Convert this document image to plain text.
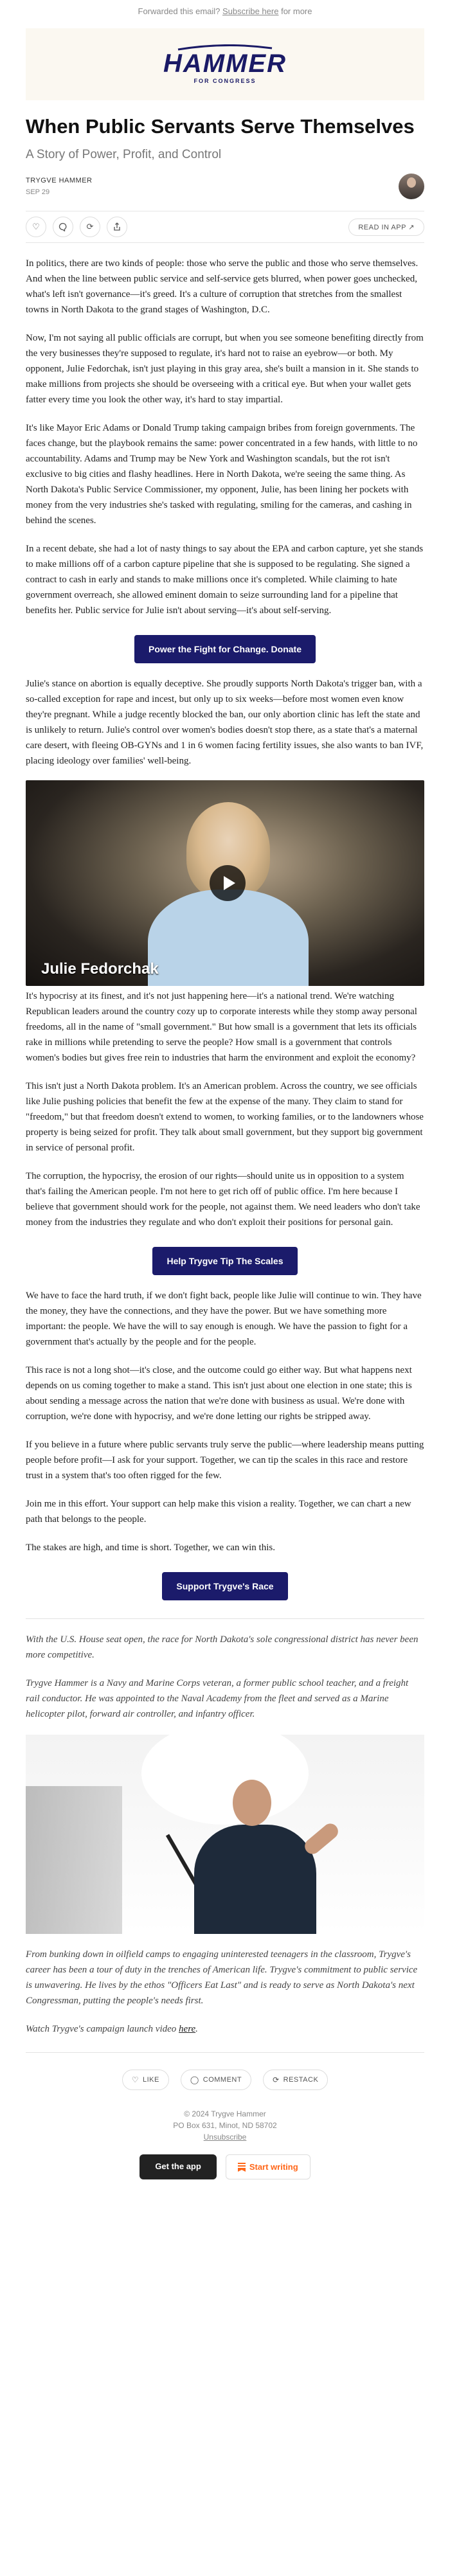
Forwarded this email? Subscribe here for more
HAMMER
FOR CONGRESS
When Public Servants Serve Themselves
A Story of Power, Profit, and Control
TRYGVE HAMMER
SEP 29
♡	⟳	READ IN APP ↗

In politics, there are two kinds of people: those who serve the public and those who serve themselves. And when the line between public service and self-service gets blurred, when power goes unchecked, what's left isn't governance—it's greed. It's a culture of corruption that stretches from the smallest towns in North Dakota to the grand stages of Washington, D.C.

Now, I'm not saying all public officials are corrupt, but when you see someone benefiting directly from the very businesses they're supposed to regulate, it's hard not to raise an eyebrow—or both. My opponent, Julie Fedorchak, isn't just playing in this gray area, she's built a mansion in it. She stands to make millions from projects she should be overseeing with a critical eye. But when your wallet gets fatter every time you look the other way, it's hard to stay impartial.

It's like Mayor Eric Adams or Donald Trump taking campaign bribes from foreign governments. The faces change, but the playbook remains the same: power concentrated in a few hands, with little to no accountability. Adams and Trump may be New York and Washington scandals, but the rot isn't exclusive to big cities and flashy headlines. Here in North Dakota, we're seeing the same thing. As North Dakota's Public Service Commissioner, my opponent, Julie, has been lining her pockets with money from the very industries she's tasked with regulating, smiling for the cameras, and cashing in behind the scenes.

In a recent debate, she had a lot of nasty things to say about the EPA and carbon capture, yet she stands to make millions off of a carbon capture pipeline that she is supposed to be regulating. She signed a contract to cash in early and stands to make millions once it's completed. While claiming to hate government overreach, she allowed eminent domain to seize surrounding land for a pipeline that benefits her. Public service for Julie isn't about serving—it's about self-serving.

Power the Fight for Change. Donate

Julie's stance on abortion is equally deceptive. She proudly supports North Dakota's trigger ban, with a so-called exception for rape and incest, but only up to six weeks—before most women even know they're pregnant. While a judge recently blocked the ban, our only abortion clinic has left the state and is unlikely to return. Julie's control over women's bodies doesn't stop there, as a state that's a maternal care desert, with fleeing OB-GYNs and 1 in 6 women facing fertility issues, she also wants to ban IVF, placing ideology over families' well-being.

Julie Fedorchak

It's hypocrisy at its finest, and it's not just happening here—it's a national trend. We're watching Republican leaders around the country cozy up to corporate interests while they stomp away personal freedoms, all in the name of "small government." But how small is a government that lets its officials rake in millions while pretending to serve the people? How small is a government that controls women's bodies but gives free rein to industries that harm the environment and exploit the economy?

This isn't just a North Dakota problem. It's an American problem. Across the country, we see officials like Julie pushing policies that benefit the few at the expense of the many. They claim to stand for "freedom," but that freedom doesn't extend to women, to working families, or to the landowners whose property is being seized for profit. They talk about small government, but they support big government in service of personal profit.

The corruption, the hypocrisy, the erosion of our rights—should unite us in opposition to a system that's failing the American people. I'm not here to get rich off of public office. I'm here because I believe that government should work for the people, not against them. We need leaders who don't take money from the industries they regulate and who don't exploit their positions for personal gain.

Help Trygve Tip The Scales

We have to face the hard truth, if we don't fight back, people like Julie will continue to win. They have the money, they have the connections, and they have the power. But we have something more important: the people. We have the will to say enough is enough. We have the passion to fight for a government that's actually by the people and for the people.

This race is not a long shot—it's close, and the outcome could go either way. But what happens next depends on us coming together to make a stand. This isn't just about one election in one state; this is about sending a message across the nation that we're done with business as usual. We're done with corruption, we're done with hypocrisy, and we're done letting our rights be stripped away.

If you believe in a future where public servants truly serve the public—where leadership means putting people before profit—I ask for your support. Together, we can tip the scales in this race and restore trust in a system that's too often rigged for the few.

Join me in this effort. Your support can help make this vision a reality. Together, we can chart a new path that belongs to the people.

The stakes are high, and time is short. Together, we can win this.

Support Trygve's Race

With the U.S. House seat open, the race for North Dakota's sole congressional district has never been more competitive.

Trygve Hammer is a Navy and Marine Corps veteran, a former public school teacher, and a freight rail conductor. He was appointed to the Naval Academy from the fleet and served as a Marine helicopter pilot, forward air controller, and infantry officer.

From bunking down in oilfield camps to engaging uninterested teenagers in the classroom, Trygve's career has been a tour of duty in the trenches of American life. Trygve's commitment to public service is unwavering. He lives by the ethos "Officers Eat Last" and is ready to serve as North Dakota's next Congressman, putting the people's needs first.

Watch Trygve's campaign launch video here.

♡ LIKE	◯ COMMENT	⟳ RESTACK
© 2024 Trygve Hammer
PO Box 631, Minot, ND 58702
Unsubscribe
Get the app	Start writing
